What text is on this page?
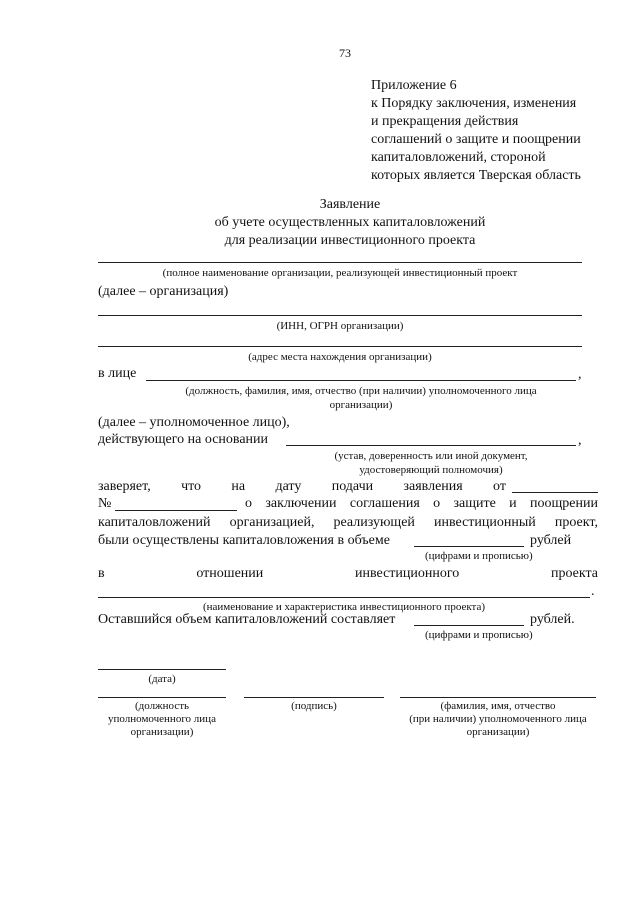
73
Приложение 6
к Порядку заключения, изменения
и прекращения действия
соглашений о защите и поощрении
капиталовложений, стороной
которых является Тверская область
Заявление
об учете осуществленных капиталовложений
для реализации инвестиционного проекта
(полное наименование организации, реализующей инвестиционный проект
(далее – организация)
(ИНН, ОГРН организации)
(адрес места нахождения организации)
в лице	,
(должность, фамилия, имя, отчество (при наличии) уполномоченного лица
организации)
(далее – уполномоченное лицо),
действующего на основании	,
(устав, доверенность или иной документ,
удостоверяющий полномочия)
заверяет, что на дату подачи заявления от
№	о заключении соглашения о защите и поощрении
капиталовложений организацией, реализующей инвестиционный проект,
были осуществлены капиталовложения в объеме	рублей
(цифрами и прописью)
в	отношении	инвестиционного	проекта
.
(наименование и характеристика инвестиционного проекта)
Оставшийся объем капиталовложений составляет	рублей.
(цифрами и прописью)
(дата)
(должность
уполномоченного лица
организации)
(подпись)	(фамилия, имя, отчество
(при наличии) уполномоченного лица
организации)
